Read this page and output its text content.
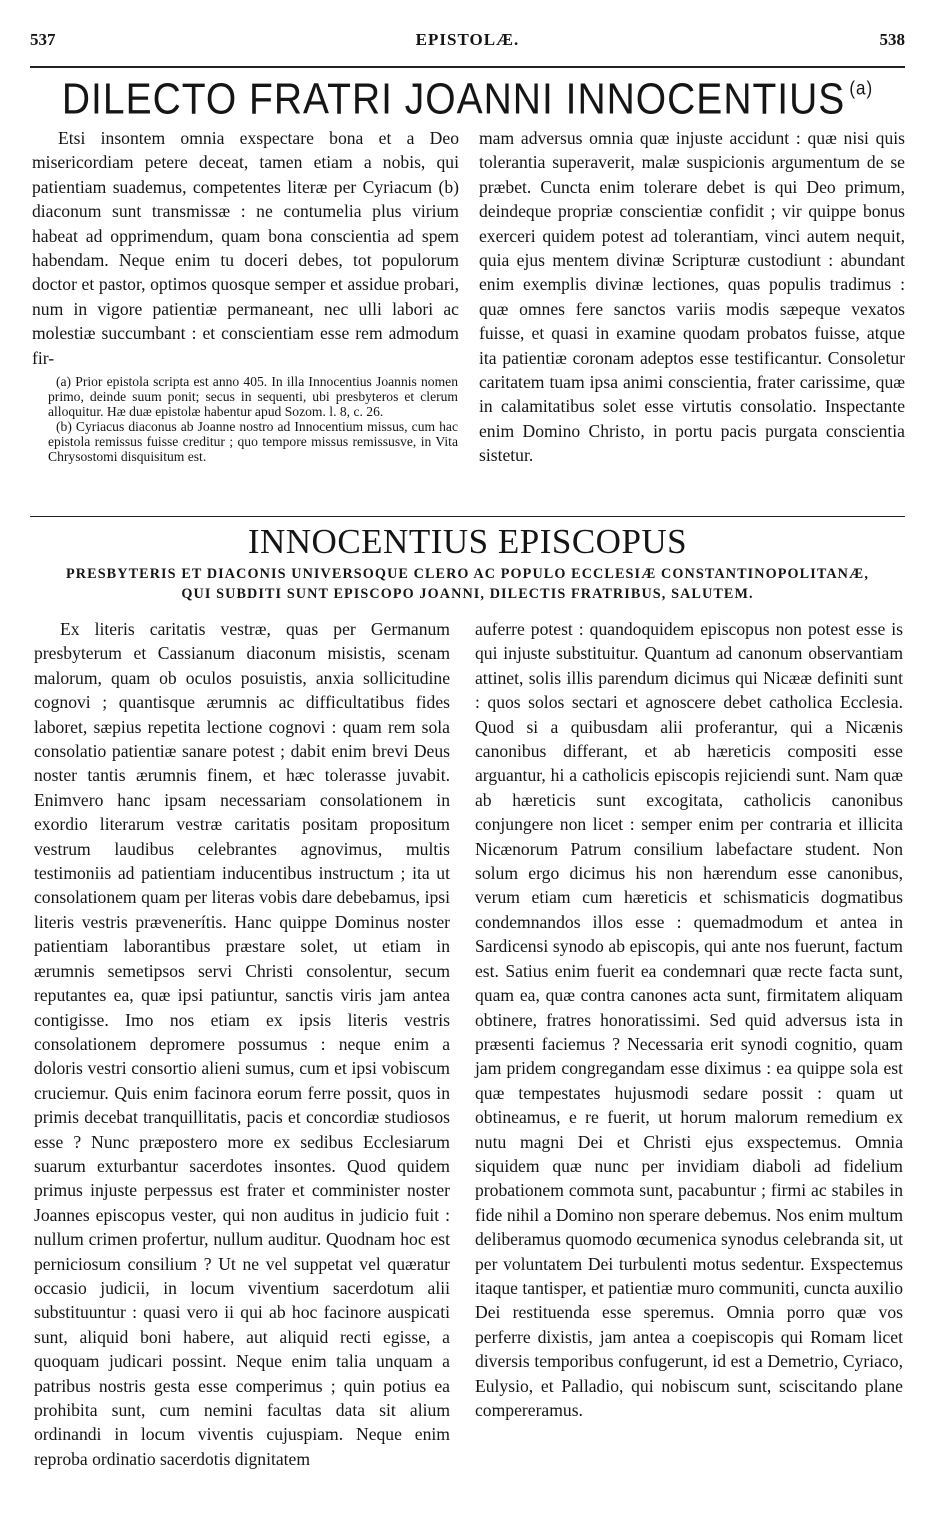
537	EPISTOLÆ.	538
DILECTO FRATRI JOANNI INNOCENTIUS $^{(a)}$

Etsi insontem omnia exspectare bona et a Deo misericordiam petere deceat, tamen etiam a nobis, qui patientiam suademus, competentes literæ per Cyriacum (b) diaconum sunt transmissæ : ne contumelia plus virium habeat ad opprimendum, quam bona conscientia ad spem habendam. Neque enim tu doceri debes, tot populorum doctor et pastor, optimos quosque semper et assidue probari, num in vigore patientiæ permaneant, nec ulli labori ac molestiæ succumbant : et conscientiam esse rem admodum fir-

(a) Prior epistola scripta est anno 405. In illa Innocentius Joannis nomen primo, deinde suum ponit; secus in sequenti, ubi presbyteros et clerum alloquitur. Hæ duæ epistolæ habentur apud Sozom. l. 8, c. 26.

(b) Cyriacus diaconus ab Joanne nostro ad Innocentium missus, cum hac epistola remissus fuisse creditur ; quo tempore missus remissusve, in Vita Chrysostomi disquisitum est.

mam adversus omnia quæ injuste accidunt : quæ nisi quis tolerantia superaverit, malæ suspicionis argumentum de se præbet. Cuncta enim tolerare debet is qui Deo primum, deindeque propriæ conscientiæ confidit ; vir quippe bonus exerceri quidem potest ad tolerantiam, vinci autem nequit, quia ejus mentem divinæ Scripturæ custodiunt : abundant enim exemplis divinæ lectiones, quas populis tradimus : quæ omnes fere sanctos variis modis sæpeque vexatos fuisse, et quasi in examine quodam probatos fuisse, atque ita patientiæ coronam adeptos esse testificantur. Consoletur caritatem tuam ipsa animi conscientia, frater carissime, quæ in calamitatibus solet esse virtutis consolatio. Inspectante enim Domino Christo, in portu pacis purgata conscientia sistetur.

INNOCENTIUS EPISCOPUS
PRESBYTERIS ET DIACONIS UNIVERSOQUE CLERO AC POPULO ECCLESIÆ CONSTANTINOPOLITANÆ,
QUI SUBDITI SUNT EPISCOPO JOANNI, DILECTIS FRATRIBUS, SALUTEM.

Ex literis caritatis vestræ, quas per Germanum presbyterum et Cassianum diaconum misistis, scenam malorum, quam ob oculos posuistis, anxia sollicitudine cognovi ; quantisque ærumnis ac difficultatibus fides laboret, sæpius repetita lectione cognovi : quam rem sola consolatio patientiæ sanare potest ; dabit enim brevi Deus noster tantis ærumnis finem, et hæc tolerasse juvabit. Enimvero hanc ipsam necessariam consolationem in exordio literarum vestræ caritatis positam propositum vestrum laudibus celebrantes agnovimus, multis testimoniis ad patientiam inducentibus instructum ; ita ut consolationem quam per literas vobis dare debebamus, ipsi literis vestris prævenerítis. Hanc quippe Dominus noster patientiam laborantibus præstare solet, ut etiam in ærumnis semetipsos servi Christi consolentur, secum reputantes ea, quæ ipsi patiuntur, sanctis viris jam antea contigisse. Imo nos etiam ex ipsis literis vestris consolationem depromere possumus : neque enim a doloris vestri consortio alieni sumus, cum et ipsi vobiscum cruciemur. Quis enim facinora eorum ferre possit, quos in primis decebat tranquillitatis, pacis et concordiæ studiosos esse ? Nunc præpostero more ex sedibus Ecclesiarum suarum exturbantur sacerdotes insontes. Quod quidem primus injuste perpessus est frater et comminister noster Joannes episcopus vester, qui non auditus in judicio fuit : nullum crimen profertur, nullum auditur. Quodnam hoc est perniciosum consilium ? Ut ne vel suppetat vel quæratur occasio judicii, in locum viventium sacerdotum alii substituuntur : quasi vero ii qui ab hoc facinore auspicati sunt, aliquid boni habere, aut aliquid recti egisse, a quoquam judicari possint. Neque enim talia unquam a patribus nostris gesta esse comperimus ; quin potius ea prohibita sunt, cum nemini facultas data sit alium ordinandi in locum viventis cujuspiam. Neque enim reproba ordinatio sacerdotis dignitatem

auferre potest : quandoquidem episcopus non potest esse is qui injuste substituitur. Quantum ad canonum observantiam attinet, solis illis parendum dicimus qui Nicææ definiti sunt : quos solos sectari et agnoscere debet catholica Ecclesia. Quod si a quibusdam alii proferantur, qui a Nicænis canonibus differant, et ab hæreticis compositi esse arguantur, hi a catholicis episcopis rejiciendi sunt. Nam quæ ab hæreticis sunt excogitata, catholicis canonibus conjungere non licet : semper enim per contraria et illicita Nicænorum Patrum consilium labefactare student. Non solum ergo dicimus his non hærendum esse canonibus, verum etiam cum hæreticis et schismaticis dogmatibus condemnandos illos esse : quemadmodum et antea in Sardicensi synodo ab episcopis, qui ante nos fuerunt, factum est. Satius enim fuerit ea condemnari quæ recte facta sunt, quam ea, quæ contra canones acta sunt, firmitatem aliquam obtinere, fratres honoratissimi. Sed quid adversus ista in præsenti faciemus ? Necessaria erit synodi cognitio, quam jam pridem congregandam esse diximus : ea quippe sola est quæ tempestates hujusmodi sedare possit : quam ut obtineamus, e re fuerit, ut horum malorum remedium ex nutu magni Dei et Christi ejus exspectemus. Omnia siquidem quæ nunc per invidiam diaboli ad fidelium probationem commota sunt, pacabuntur ; firmi ac stabiles in fide nihil a Domino non sperare debemus. Nos enim multum deliberamus quomodo œcumenica synodus celebranda sit, ut per voluntatem Dei turbulenti motus sedentur. Exspectemus itaque tantisper, et patientiæ muro communiti, cuncta auxilio Dei restituenda esse speremus. Omnia porro quæ vos perferre dixistis, jam antea a coepiscopis qui Romam licet diversis temporibus confugerunt, id est a Demetrio, Cyriaco, Eulysio, et Palladio, qui nobiscum sunt, sciscitando plane compereramus.
